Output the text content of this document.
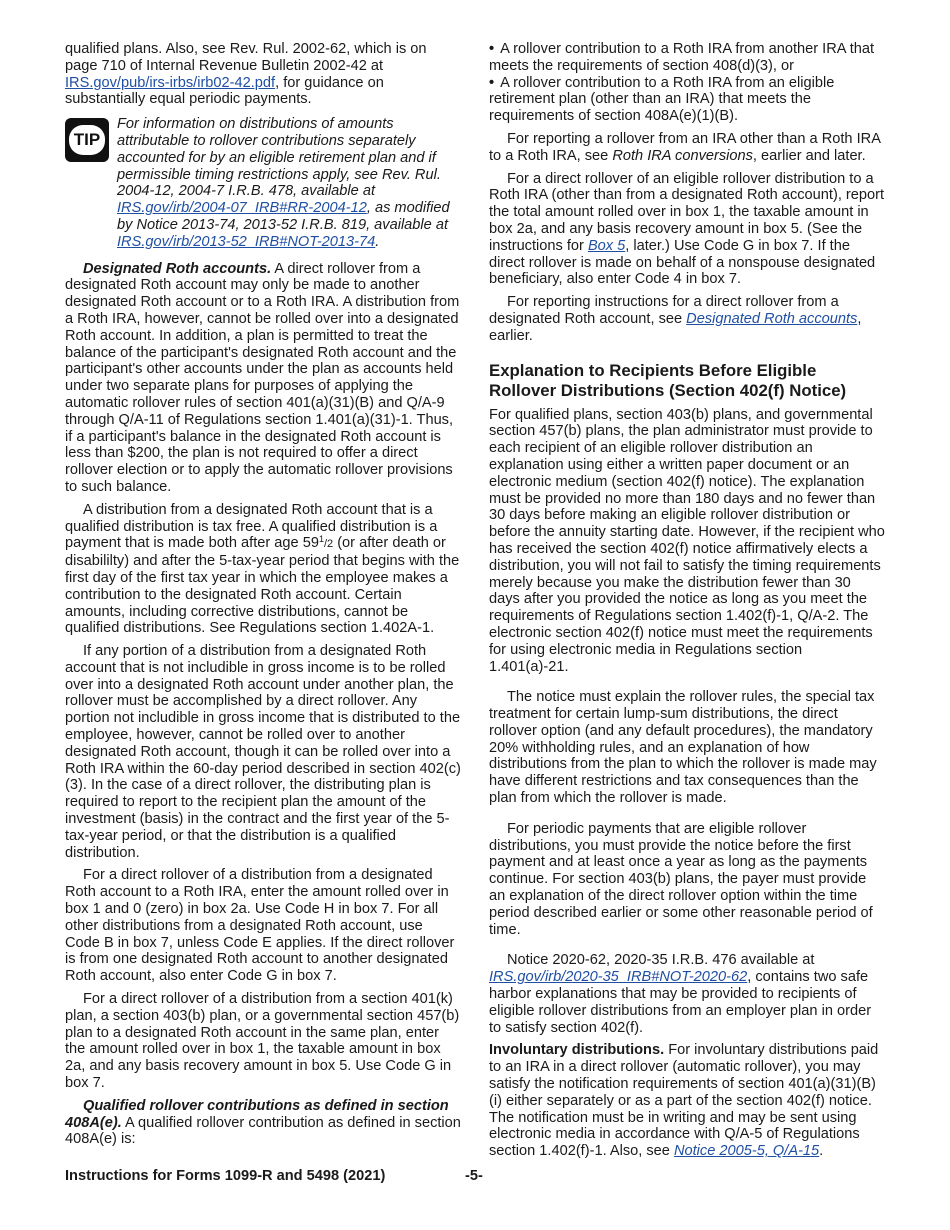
qualified plans. Also, see Rev. Rul. 2002-62, which is on page 710 of Internal Revenue Bulletin 2002-42 at IRS.gov/pub/irs-irbs/irb02-42.pdf, for guidance on substantially equal periodic payments.

TIP
For information on distributions of amounts attributable to rollover contributions separately accounted for by an eligible retirement plan and if permissible timing restrictions apply, see Rev. Rul. 2004-12, 2004-7 I.R.B. 478, available at IRS.gov/irb/2004-07_IRB#RR-2004-12, as modified by Notice 2013-74, 2013-52 I.R.B. 819, available at IRS.gov/irb/2013-52_IRB#NOT-2013-74.

Designated Roth accounts. A direct rollover from a designated Roth account may only be made to another designated Roth account or to a Roth IRA. A distribution from a Roth IRA, however, cannot be rolled over into a designated Roth account. In addition, a plan is permitted to treat the balance of the participant's designated Roth account and the participant's other accounts under the plan as accounts held under two separate plans for purposes of applying the automatic rollover rules of section 401(a)(31)(B) and Q/A-9 through Q/A-11 of Regulations section 1.401(a)(31)-1. Thus, if a participant's balance in the designated Roth account is less than $200, the plan is not required to offer a direct rollover election or to apply the automatic rollover provisions to such balance.

A distribution from a designated Roth account that is a qualified distribution is tax free. A qualified distribution is a payment that is made both after age $59^1/2$ (or after death or disabililty) and after the 5-tax-year period that begins with the first day of the first tax year in which the employee makes a contribution to the designated Roth account. Certain amounts, including corrective distributions, cannot be qualified distributions. See Regulations section 1.402A-1.

If any portion of a distribution from a designated Roth account that is not includible in gross income is to be rolled over into a designated Roth account under another plan, the rollover must be accomplished by a direct rollover. Any portion not includible in gross income that is distributed to the employee, however, cannot be rolled over to another designated Roth account, though it can be rolled over into a Roth IRA within the 60-day period described in section 402(c)(3). In the case of a direct rollover, the distributing plan is required to report to the recipient plan the amount of the investment (basis) in the contract and the first year of the 5-tax-year period, or that the distribution is a qualified distribution.

For a direct rollover of a distribution from a designated Roth account to a Roth IRA, enter the amount rolled over in box 1 and 0 (zero) in box 2a. Use Code H in box 7. For all other distributions from a designated Roth account, use Code B in box 7, unless Code E applies. If the direct rollover is from one designated Roth account to another designated Roth account, also enter Code G in box 7.

For a direct rollover of a distribution from a section 401(k) plan, a section 403(b) plan, or a governmental section 457(b) plan to a designated Roth account in the same plan, enter the amount rolled over in box 1, the taxable amount in box 2a, and any basis recovery amount in box 5. Use Code G in box 7.

Qualified rollover contributions as defined in section 408A(e). A qualified rollover contribution as defined in section 408A(e) is:

• A rollover contribution to a Roth IRA from another IRA that meets the requirements of section 408(d)(3), or
• A rollover contribution to a Roth IRA from an eligible retirement plan (other than an IRA) that meets the requirements of section 408A(e)(1)(B).

For reporting a rollover from an IRA other than a Roth IRA to a Roth IRA, see Roth IRA conversions, earlier and later.

For a direct rollover of an eligible rollover distribution to a Roth IRA (other than from a designated Roth account), report the total amount rolled over in box 1, the taxable amount in box 2a, and any basis recovery amount in box 5. (See the instructions for Box 5, later.) Use Code G in box 7. If the direct rollover is made on behalf of a nonspouse designated beneficiary, also enter Code 4 in box 7.

For reporting instructions for a direct rollover from a designated Roth account, see Designated Roth accounts, earlier.

Explanation to Recipients Before Eligible Rollover Distributions (Section 402(f) Notice)

For qualified plans, section 403(b) plans, and governmental section 457(b) plans, the plan administrator must provide to each recipient of an eligible rollover distribution an explanation using either a written paper document or an electronic medium (section 402(f) notice). The explanation must be provided no more than 180 days and no fewer than 30 days before making an eligible rollover distribution or before the annuity starting date. However, if the recipient who has received the section 402(f) notice affirmatively elects a distribution, you will not fail to satisfy the timing requirements merely because you make the distribution fewer than 30 days after you provided the notice as long as you meet the requirements of Regulations section 1.402(f)-1, Q/A-2. The electronic section 402(f) notice must meet the requirements for using electronic media in Regulations section 1.401(a)-21.

The notice must explain the rollover rules, the special tax treatment for certain lump-sum distributions, the direct rollover option (and any default procedures), the mandatory 20% withholding rules, and an explanation of how distributions from the plan to which the rollover is made may have different restrictions and tax consequences than the plan from which the rollover is made.

For periodic payments that are eligible rollover distributions, you must provide the notice before the first payment and at least once a year as long as the payments continue. For section 403(b) plans, the payer must provide an explanation of the direct rollover option within the time period described earlier or some other reasonable period of time.

Notice 2020-62, 2020-35 I.R.B. 476 available at IRS.gov/irb/2020-35_IRB#NOT-2020-62, contains two safe harbor explanations that may be provided to recipients of eligible rollover distributions from an employer plan in order to satisfy section 402(f).

Involuntary distributions. For involuntary distributions paid to an IRA in a direct rollover (automatic rollover), you may satisfy the notification requirements of section 401(a)(31)(B)(i) either separately or as a part of the section 402(f) notice. The notification must be in writing and may be sent using electronic media in accordance with Q/A-5 of Regulations section 1.402(f)-1. Also, see Notice 2005-5, Q/A-15.

Instructions for Forms 1099-R and 5498 (2021)	-5-
